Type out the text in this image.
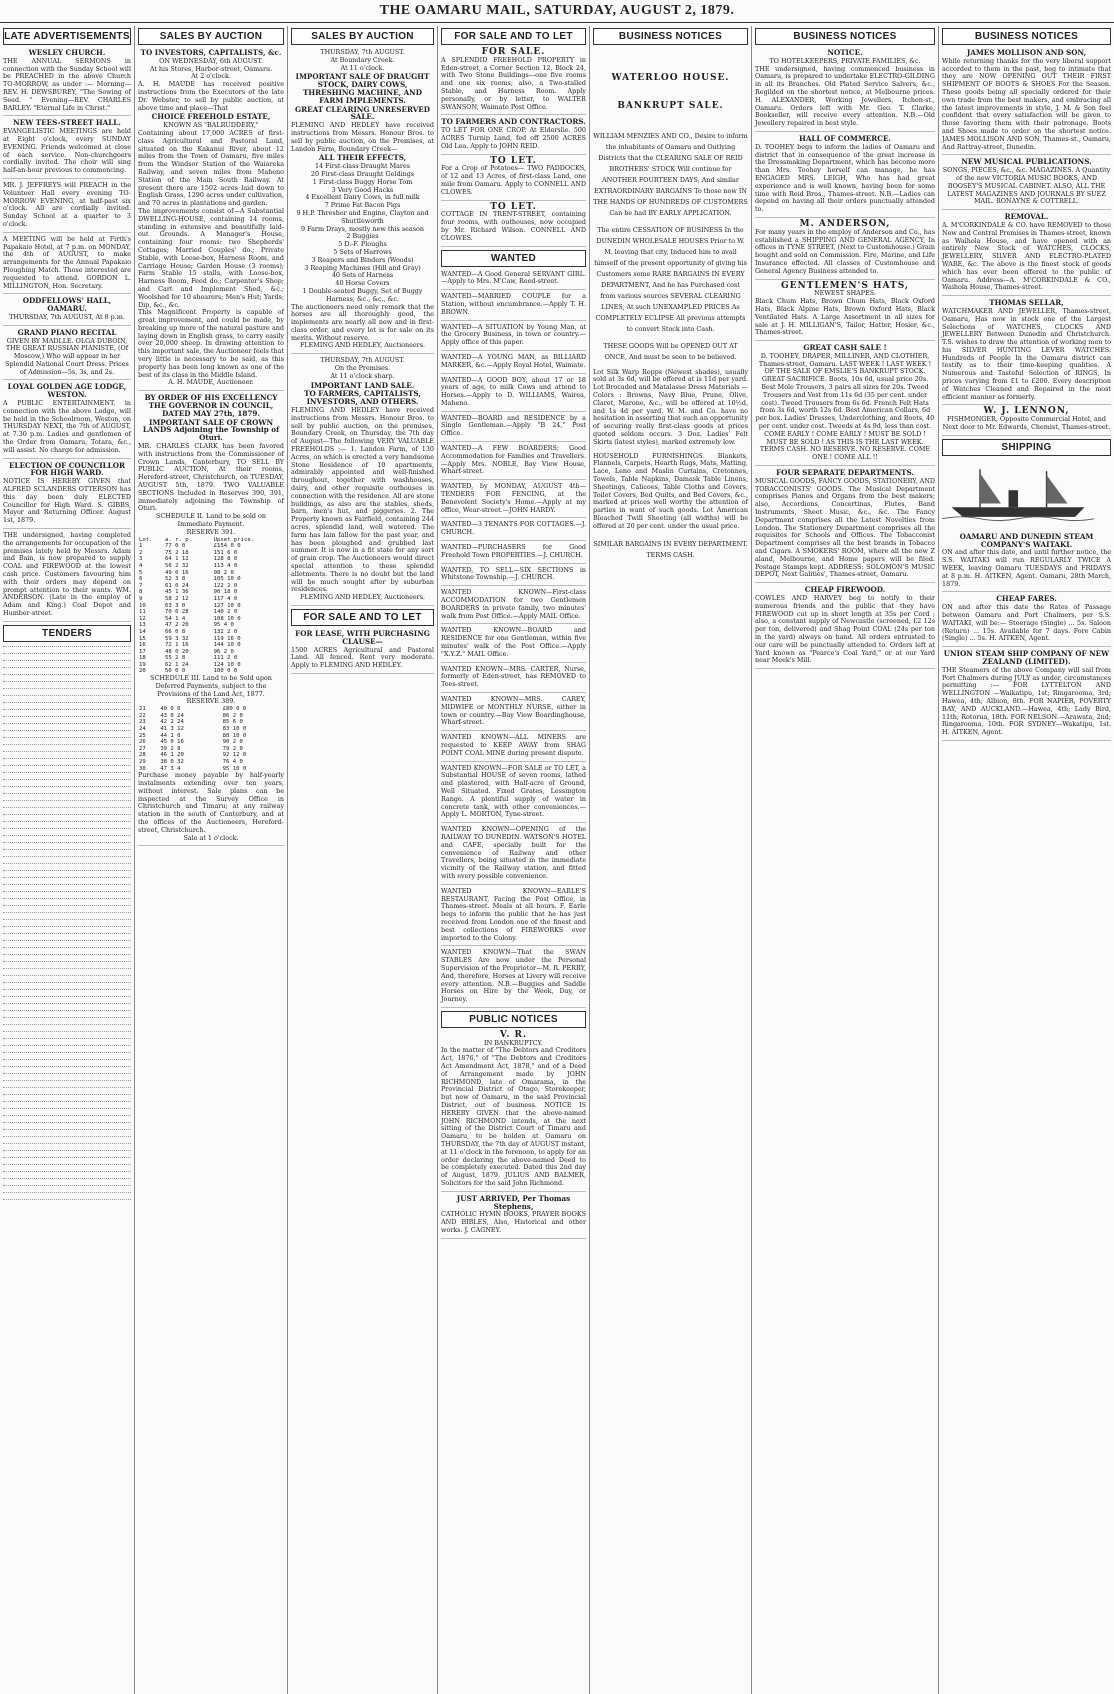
THE OAMARU MAIL, SATURDAY, AUGUST 2, 1879.
LATE ADVERTISEMENTS
WESLEY CHURCH.
THE ANNUAL SERMONS in connection with the Sunday School will be PREACHED in the above Church TO-MORROW, as under :— Morning—REV. H. DEWSBUREY, "The Sowing of Seed. " Evening—REV. CHARLES BARLEY. "Eternal Life in Christ."
NEW TEES-STREET HALL.
EVANGELISTIC MEETINGS are held at Eight o'clock, every SUNDAY EVENING. Friends welcomed at close of each service. Non-churchgoers cordially invited. The choir will sing half-an-hour previous to commencing.
MR. J. JEFFREYS will PREACH in the Volunteer Hall every evening TO-MORROW EVENING, at half-past six o'clock. All are cordially invited. Sunday School at a quarter to 3 o'clock.
A MEETING will be held at Firth's Papakaio Hotel, at 7 p.m. on MONDAY, the 4th of AUGUST, to make arrangements for the Annual Papakaio Ploughing Match. Those interested are requested to attend. GORDON L. MILLINGTON, Hon. Secretary.
ODDFELLOWS' HALL, OAMARU.
THURSDAY, 7th AUGUST, At 8 p.m.
GRAND PIANO RECITAL
GIVEN BY MADLLE. OLGA DUBOIN, THE GREAT RUSSIAN PIANISTE, (Of Moscow,) Who will appear in her Splendid National Court Dress. Prices of Admission—5s, 3s, and 2s.
LOYAL GOLDEN AGE LODGE, WESTON.
A PUBLIC ENTERTAINMENT, in connection with the above Lodge, will be held in the Schoolroom, Weston, on THURSDAY NEXT, the 7th of AUGUST, at 7.30 p.m. Ladies and gentlemen of the Order from Oamaru, Totara, &c., will assist. No charge for admission.
ELECTION OF COUNCILLOR FOR HIGH WARD.
NOTICE IS HEREBY GIVEN that ALFRED SCLANDERS OTTERSON has this day been duly ELECTED Councillor for High Ward. S. GIBBS, Mayor and Returning Officer. August 1st, 1879.
THE undersigned, having completed the arrangements for occupation of the premises lately held by Messrs. Adam and Bain, is now prepared to supply COAL and FIREWOOD at the lowest cash price. Customers favouring him with their orders may depend on prompt attention to their wants. WM. ANDERSON. (Late in the employ of Adam and King.) Coal Depot and Humber-street.
TENDERS
SALES BY AUCTION
TO INVESTORS, CAPITALISTS, &c.
ON WEDNESDAY, 6th AUGUST.
At his Stores, Harbor-street, Oamaru.
At 2 o'clock.
A. H. MAUDE has received positive instructions from the Executors of the late Dr. Webster, to sell by public auction, at above time and place—That
CHOICE FREEHOLD ESTATE,
KNOWN AS "BALRUDDERY,"
Containing about 17,000 ACRES of first-class Agricultural and Pastoral Land, situated on the Kakanui River, about 12 miles from the Town of Oamaru, five miles from the Windsor Station of the Waiareka Railway, and seven miles from Maheno Station of the Main South Railway. At present there are 1502 acres laid down to English Grass, 1290 acres under cultivation, and 70 acres in plantations and garden.
The improvements consist of—A Substantial DWELLING-HOUSE, containing 14 rooms, standing in extensive and beautifully laid-out Grounds. A Manager's House, containing four rooms: two Shepherds' Cottages; Married Couples' do.; Private Stable, with Loose-box, Harness Room, and Carriage House; Garden House (3 rooms); Farm Stable 15 stalls, with Loose-box, Harness Room, Feed do.; Carpenter's Shop; and Cart and Implement Shed, &c.; Woolshed for 10 shearers; Men's Hut; Yards; Dip, &c., &c.
This Magnificent Property is capable of great improvement, and could be made, by breaking up more of the natural pasture and laying down in English grass, to carry easily over 20,000 sheep. In drawing attention to this important sale, the Auctioneer feels that very little is necessary to be said, as this property has been long known as one of the best of its class in the Middle Island.
A. H. MAUDE, Auctioneer.
BY ORDER OF HIS EXCELLENCY THE GOVERNOR IN COUNCIL, DATED MAY 27th, 1879.
IMPORTANT SALE OF CROWN LANDS Adjoining the Township of Oturi.
MR. CHARLES CLARK has been favored with instructions from the Commissioner of Crown Lands, Canterbury, TO SELL BY PUBLIC AUCTION, At their rooms, Hereford-street, Christchurch, on TUESDAY, AUGUST 5th, 1879. TWO VALUABLE SECTIONS Included in Reserves 390, 391, immediately adjoining the Township of Oturi.
SCHEDULE II. Land to be sold on Immediate Payment.
RESERVE 391.
Lot.	a. r. p.	Upset price.
1	77 0 0	£154 0 0
2	75 2 18	151 6 0
3	64 1 12	128 8 0
4	56 2 32	113 4 0
5	49 0 16	98 2 0
6	52 3 8	105 10 0
7	61 0 24	122 2 0
8	45 1 36	90 18 0
9	58 2 12	117 4 0
10	63 3 0	127 10 0
11	70 0 28	140 2 0
12	54 1 4	108 10 0
13	47 2 20	95 4 0
14	66 0 8	132 2 0
15	59 3 32	119 16 0
16	72 1 16	144 10 0
17	48 0 20	96 2 0
18	55 2 8	111 2 0
19	62 1 24	124 10 0
20	50 0 0	100 0 0
SCHEDULE III. Land to be Sold upon Deferred Payments, subject to the Provisions of the Land Act, 1877.
RESERVE 389.
21	40 0 0	£80 0 0
22	43 0 24	86 2 0
23	42 2 24	85 6 0
24	41 3 12	83 10 0
25	44 1 0	88 10 0
26	45 0 16	90 2 0
27	39 2 8	79 2 0
28	46 1 20	92 12 0
29	38 0 32	76 4 0
30	47 3 4	95 10 0
Purchase money payable by half-yearly instalments extending over ten years, without interest. Sale plans can be inspected at the Survey Office in Christchurch and Timaru; at any railway station in the south of Canterbury, and at the offices of the Auctioneers, Hereford-street, Christchurch.
Sale at 1 o'clock.
SALES BY AUCTION
THURSDAY, 7th AUGUST.
At Boundary Creek.
At 11 o'clock.
IMPORTANT SALE OF DRAUGHT STOCK, DAIRY COWS, THRESHING MACHINE, AND FARM IMPLEMENTS.
GREAT CLEARING UNRESERVED SALE.
FLEMING AND HEDLEY have received instructions from Messrs. Honour Bros. to sell by public auction, on the Premises, at Landon Farm, Boundary Creek—
ALL THEIR EFFECTS,
14 First-class Draught Mares
20 First-class Draught Geldings
1 First-class Buggy Horse Tom
3 Very Good Hacks
4 Excellent Dairy Cows, in full milk
7 Prime Fat Bacon Pigs
9 H.P. Thresher and Engine, Clayton and Shuttleworth
9 Farm Drays, mostly new this season
2 Buggies
5 D.-F. Ploughs
5 Sets of Harrows
3 Reapers and Binders (Woods)
3 Reaping Machines (Hill and Gray)
40 Sets of Harness
40 Horse Covers
1 Double-seated Buggy, Set of Buggy Harness, &c., &c., &c.
The auctioneers need only remark that the horses are all thoroughly good, the implements are nearly all new and in first-class order, and every lot is for sale on its merits. Without reserve.
FLEMING AND HEDLEY, Auctioneers.
THURSDAY, 7th AUGUST.
On the Premises.
At 11 o'clock sharp.
IMPORTANT LAND SALE.
TO FARMERS, CAPITALISTS, INVESTORS, AND OTHERS.
FLEMING AND HEDLEY have received instructions from Messrs. Honour Bros. to sell by public auction, on the premises, Boundary Creek, on Thursday, the 7th day of August—The following VERY VALUABLE FREEHOLDS :— 1. Landon Farm, of 130 Acres, on which is erected a very handsome Stone Residence of 10 apartments, admirably appointed and well-finished throughout, together with washhouses, dairy, and other requisite outhouses in connection with the residence. All are stone buildings, as also are the stables, sheds, barn, men's hut, and piggeries. 2. The Property known as Fairfield, containing 244 acres, splendid land, well watered. The farm has lain fallow for the past year, and has been ploughed and grubbed last summer. It is now in a fit state for any sort of grain crop. The Auctioneers would direct special attention to these splendid allotments. There is no doubt but the land will be much sought after by suburban residences.
FLEMING AND HEDLEY, Auctioneers.
FOR SALE AND TO LET
FOR LEASE, WITH PURCHASING CLAUSE—
1500 ACRES Agricultural and Pastoral Land. All fenced. Rent very moderate. Apply to FLEMING AND HEDLEY.
FOR SALE AND TO LET
FOR SALE.
A SPLENDID FREEHOLD PROPERTY in Eden-street, a Corner Section 12, Block 24, with Two Stone Buildings—one five rooms and one six rooms; also, a Two-stalled Stable, and Harness Room. Apply personally, or by letter, to WALTER SWANSON, Waimate Post Office.
TO FARMERS AND CONTRACTORS.
TO LET FOR ONE CROP. At Elderslie. 500 ACRES Turnip Land, fed off 2500 ACRES Old Lea. Apply to JOHN REID.
TO LET.
For a Crop of Potatoes— TWO PADDOCKS, of 12 and 13 Acres, of first-class Land, one mile from Oamaru. Apply to CONNELL AND CLOWES.
TO LET.
COTTAGE IN TRENT-STREET, containing four rooms, with outhouses, now occupied by Mr. Richard Wilson. CONNELL AND CLOWES.
WANTED
WANTED—A Good General SERVANT GIRL.—Apply to Mrs. M'Caw, Reed-street.
WANTED—MARRIED COUPLE for a Station, without encumbrance.—Apply T. H. BROWN.
WANTED—A SITUATION by Young Man, at the Grocery Business, in town or country.—Apply office of this paper.
WANTED—A YOUNG MAN, as BILLIARD MARKER, &c.—Apply Royal Hotel, Waimate.
WANTED—A GOOD BOY, about 17 or 18 years of age, to milk Cows and attend to Horses.—Apply to D. WILLIAMS, Wairea, Maheno.
WANTED—BOARD and RESIDENCE by a Single Gentleman.—Apply "B 24," Post Office.
WANTED—A FEW BOARDERS; Good Accommodation for Families and Travellers.—Apply Mrs. NOBLE, Bay View House, Wharf-street.
WANTED, by MONDAY, AUGUST 4th—TENDERS FOR FENCING, at the Benevolent Society's Home.—Apply at my office, Wear-street.—JOHN HARDY.
WANTED—3 TENANTS FOR COTTAGES.—J. CHURCH.
WANTED—PURCHASERS for Good Freehold Town PROPERTIES.—J. CHURCH.
WANTED, TO SELL—SIX SECTIONS in Whitstone Township.—J. CHURCH.
WANTED KNOWN—First-class ACCOMMODATION for two Gentlemen BOARDERS in private family, two minutes' walk from Post Office.—Apply MAIL Office.
WANTED KNOWN—BOARD and RESIDENCE for one Gentleman, within five minutes' walk of the Post Office.—Apply "X.Y.Z." MAIL Office.
WANTED KNOWN—MRS. CARTER, Nurse, formerly of Eden-street, has REMOVED to Tees-street.
WANTED KNOWN—MRS. CAREY, MIDWIFE or MONTHLY NURSE, either in town or country.—Bay View Boardinghouse, Wharf-street.
WANTED KNOWN—ALL MINERS are requested to KEEP AWAY from SHAG POINT COAL MINE during present dispute.
WANTED KNOWN—FOR SALE or TO LET, a Substantial HOUSE of seven rooms, lathed and plastered, with Half-acre of Ground, Well Situated. Fixed Grates, Lessington Range. A plentiful supply of water in concrete tank, with other conveniences.—Apply L. MORTON, Tyne-street.
WANTED KNOWN—OPENING of the RAILWAY TO DUNEDIN. WATSON'S HOTEL and CAFE, specially built for the convenience of Railway and other Travellers, being situated in the immediate vicinity of the Railway station, and fitted with every possible convenience.
WANTED KNOWN—EARLE'S RESTAURANT, Facing the Post Office, in Thames-street. Meals at all hours. F. Earle begs to inform the public that he has just received from London one of the finest and best collections of FIREWORKS ever imported to the Colony.
WANTED KNOWN—That the SWAN STABLES Are now under the Personal Supervision of the Proprietor—M. R. PERRY, And, therefore, Horses at Livery will receive every attention. N.B.—Buggies and Saddle Horses on Hire by the Week, Day, or Journey.
PUBLIC NOTICES
V. R.
IN BANKRUPTCY.
In the matter of "The Debtors and Creditors Act, 1876," of "The Debtors and Creditors Act Amendment Act, 1878," and of a Deed of Arrangement made by JOHN RICHMOND, late of Omarama, in the Provincial District of Otago, Storekeeper, but now of Oamaru, in the said Provincial District, out of business. NOTICE IS HEREBY GIVEN that the above-named JOHN RICHMOND intends, at the next sitting of the District Court of Timaru and Oamaru, to be holden at Oamaru on THURSDAY, the 7th day of AUGUST instant, at 11 o'clock in the forenoon, to apply for an order declaring the above-named Deed to be completely executed. Dated this 2nd day of August, 1879. JULIUS AND BALMER, Solicitors for the said John Richmond.
JUST ARRIVED, Per Thomas Stephens,
CATHOLIC HYMN BOOKS, PRAYER BOOKS AND BIBLES, Also, Historical and other works. J. CAGNEY.
BUSINESS NOTICES
WATERLOO HOUSE.
BANKRUPT SALE.
WILLIAM MENZIES AND CO., Desire to inform the inhabitants of Oamaru and Outlying Districts that the CLEARING SALE OF REID BROTHERS' STOCK Will continue for ANOTHER FOURTEEN DAYS, And similar EXTRAORDINARY BARGAINS To those now IN THE HANDS OF HUNDREDS OF CUSTOMERS Can be had BY EARLY APPLICATION.
The entire CESSATION OF BUSINESS In the DUNEDIN WHOLESALE HOUSES Prior to W. M. leaving that city, Induced him to avail himself of the present opportunity of giving his Customers some RARE BARGAINS IN EVERY DEPARTMENT, And he has Purchased cost from various sources SEVERAL CLEARING LINES, At such UNEXAMPLED PRICES As COMPLETELY ECLIPSE All previous attempts to convert Stock into Cash.
THESE GOODS Will be OPENED OUT AT ONCE, And must be seen to be believed.
Lot Silk Warp Repps (Newest shades), usually sold at 3s 6d, will be offered at is 11d per yard. Lot Brocaded and Matalasse Dress Materials —Colors : Browns, Navy Blue, Prune, Olive, Claret, Marone, &c., will be offered at 10½d, and 1s 4d per yard. W. M. and Co. have no hesitation in asserting that such an opportunity of securing really first-class goods at prices quoted seldom occurs. 3 Doz. Ladies' Felt Skirts (latest styles), marked extremely low.
HOUSEHOLD FURNISHINGS. Blankets, Flannels, Carpets, Hearth Rugs, Mats, Matting, Lace, Leno and Muslin Curtains, Cretonnes, Towels, Table Napkins, Damask Table Linens, Sheetings, Calicoes, Table Cloths and Covers, Toilet Covers, Bed Quilts, and Bed Covers, &c., marked at prices well worthy the attention of parties in want of such goods. Lot American Bleached Twill Sheeting (all widths) will be offered at 20 per cent. under the usual price.
SIMILAR BARGAINS IN EVERY DEPARTMENT. TERMS CASH.
BUSINESS NOTICES
NOTICE.
TO HOTELKEEPERS, PRIVATE FAMILIES, &c.
THE undersigned, having commenced business in Oamaru, is prepared to undertake ELECTRO-GILDING in all its Branches. Old Plated Service Salvers, &c., Regilded on the shortest notice, at Melbourne prices. H. ALEXANDER, Working Jewellers, Itchen-st., Oamaru. Orders left with Mr. Geo. T. Clarke, Bookseller, will receive every attention. N.B.—Old Jewellery repaired in best style.
HALL OF COMMERCE.
D. TOOHEY begs to inform the ladies of Oamaru and district that in consequence of the great increase in the Dressmaking Department, which has become more than Mrs. Toohey herself can manage, he has ENGAGED MRS. LEIGH, Who has had great experience and is well known, having been for some time with Reid Bros., Thames-street. N.B.—Ladies can depend on having all their orders punctually attended to.
M. ANDERSON,
For many years in the employ of Anderson and Co., has established a SHIPPING AND GENERAL AGENCY, In offices in TYNE STREET, (Next to Customhouse.) Grain bought and sold on Commission. Fire, Marine, and Life Insurance effected. All classes of Customhouse and General Agency Business attended to.
GENTLEMEN'S HATS,
NEWEST SHAPES.
Black Chum Hats, Brown Chum Hats, Black Oxford Hats, Black Alpine Hats, Brown Oxford Hats, Black Ventilated Hats. A Large Assortment in all sizes for sale at J. H. MILLIGAN'S, Tailor, Hatter, Hosier, &c., Thames-street.
GREAT CASH SALE !
D. TOOHEY, DRAPER, MILLINER, AND CLOTHIER, Thames-street, Oamaru. LAST WEEK ! LAST WEEK ! OF THE SALE OF EMSLIE'S BANKRUPT STOCK. GREAT SACRIFICE. Boots, 10s 6d, usual price 20s. Best Mole Trousers, 3 pairs all sizes for 20s. Tweed Trousers and Vest from 11s 6d (35 per cent. under cost). Tweed Trousers from 6s 6d. French Felt Hats from 3s 6d, worth 12s 6d. Best American Collars, 6d per box. Ladies' Dresses, Underclothing, and Boots, 40 per cent. under cost. Tweeds at 4s 9d, less than cost. COME EARLY ! COME EARLY ! MUST BE SOLD ! MUST BE SOLD ! AS THIS IS THE LAST WEEK. TERMS CASH. NO RESERVE. NO RESERVE. COME ONE ! COME ALL !!
FOUR SEPARATE DEPARTMENTS.
MUSICAL GOODS, FANCY GOODS, STATIONERY, AND TOBACCONISTS' GOODS. The Musical Department comprises Pianos and Organs from the best makers; also, Accordions, Concertinas, Flutes, Band Instruments, Sheet Music, &c., &c. The Fancy Department comprises all the Latest Novelties from London. The Stationery Department comprises all the requisites for Schools and Offices. The Tobacconist Department comprises all the best brands in Tobacco and Cigars. A SMOKERS' ROOM, where all the new Z aland, Melbourne, and Home papers will be filed. Postage Stamps kept. ADDRESS: SOLOMON'S MUSIC DEPOT, Next Galities', Thames-street, Oamaru.
CHEAP FIREWOOD.
COWLES AND HARVEY beg to notify to their numerous friends and the public that they have FIREWOOD cut up in short length at 35s per Cord ; also, a constant supply of Newcastle (screened, £2 12s per ton, delivered) and Shag Point COAL (24s per ton in the yard) always on hand. All orders entrusted to our care will be punctually attended to. Orders left at Yard known as "Pearce's Coal Yard," or at our Yard near Meek's Mill.
BUSINESS NOTICES
JAMES MOLLISON AND SON,
While returning thanks for the very liberal support accorded to them in the past, beg to intimate that they are NOW OPENING OUT THEIR FIRST SHIPMENT OF BOOTS & SHOES For the Season. These goods being all specially ordered for their own trade from the best makers, and embracing all the latest improvements in style, J. M. & Son feel confident that every satisfaction will be given to those favoring them with their patronage. Boots and Shoes made to order on the shortest notice. JAMES MOLLISON AND SON, Thames-st., Oamaru, And Rattray-street, Dunedin.
NEW MUSICAL PUBLICATIONS.
SONGS, PIECES, &c., &c. MAGAZINES. A Quantity of the new VICTORIA MUSIC BOOKS, AND BOOSEY'S MUSICAL CABINET. ALSO, ALL THE LATEST MAGAZINES AND JOURNALS BY SUEZ MAIL. RONAYNE & COTTRELL.
REMOVAL.
A. M'CORKINDALE & CO. have REMOVED to those New and Central Premises in Thames-street, known as Waihola House, and have opened with an entirely New Stock of WATCHES, CLOCKS, JEWELLERY, SILVER AND ELECTRO-PLATED WARE, &c. The above is the finest stock of goods which has ever been offered to the public of Oamaru. Address—A. M'CORKINDALE & CO., Waihola House, Thames-street.
THOMAS SELLAR,
WATCHMAKER AND JEWELLER, Thames-street, Oamaru, Has now in stock one of the Largest Selections of WATCHES, CLOCKS AND JEWELLERY Between Dunedin and Christchurch. T.S. wishes to draw the attention of working men to his SILVER HUNTING LEVER WATCHES. Hundreds of People In the Oamaru district can testify as to their time-keeping qualities. A Numerous and Tasteful Selection of RINGS, In prices varying from £1 to £200. Every description of Watches Cleaned and Repaired in the most efficient manner as formerly.
W. J. LENNON,
FISHMONGER, Opposite Commercial Hotel, and Next door to Mr. Edwards, Chemist, Thames-street.
SHIPPING
OAMARU AND DUNEDIN STEAM COMPANY'S WAITAKI.
ON and after this date, and until further notice, the S.S. WAITAKI will run REGULARLY TWICE A WEEK, leaving Oamaru TUESDAYS and FRIDAYS at 8 p.m. H. AITKEN, Agent. Oamaru, 28th March, 1879.
CHEAP FARES.
ON and after this date the Rates of Passage between Oamaru and Port Chalmers, per S.S. WAITAKI, will be:— Steerage (Single) ... 5s. Saloon (Return) ... 15s. Available for 7 days. Fore Cabin (Single) ... 5s. H. AITKEN, Agent.
UNION STEAM SHIP COMPANY OF NEW ZEALAND (LIMITED).
THE Steamers of the above Company will sail from Port Chalmers during JULY as under, circumstances permitting :— FOR LYTTELTON AND WELLINGTON —Waikatipu, 1st; Ringarooma, 3rd; Hawea, 4th; Albion, 8th. FOR NAPIER, POVERTY BAY, AND AUCKLAND.—Hawea, 4th; Lady Bird, 11th; Rotorua, 18th. FOR NELSON.—Arawata, 2nd; Ringarooma, 10th. FOR SYDNEY—Wakatipu, 1st. H. AITKEN, Agent.
